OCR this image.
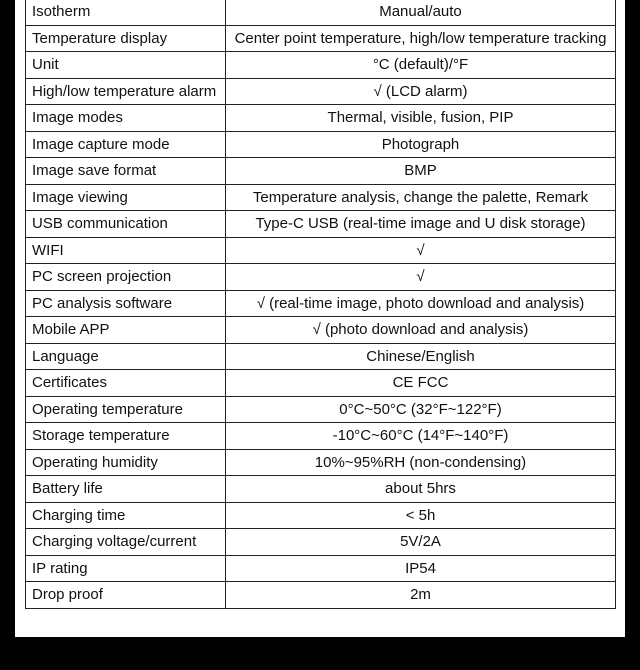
Isotherm	Manual/auto
Temperature display	Center point temperature, high/low temperature tracking
Unit	°C (default)/°F
High/low temperature alarm	√ (LCD alarm)
Image modes	Thermal, visible, fusion, PIP
Image capture mode	Photograph
Image save format	BMP
Image viewing	Temperature analysis, change the palette, Remark
USB communication	Type-C USB (real-time image and U disk storage)
WIFI	√
PC screen projection	√
PC analysis software	√ (real-time image, photo download and analysis)
Mobile APP	√ (photo download and analysis)
Language	Chinese/English
Certificates	CE FCC
Operating temperature	0°C~50°C (32°F~122°F)
Storage temperature	-10°C~60°C (14°F~140°F)
Operating humidity	10%~95%RH (non-condensing)
Battery life	about 5hrs
Charging time	< 5h
Charging voltage/current	5V/2A
IP rating	IP54
Drop proof	2m
